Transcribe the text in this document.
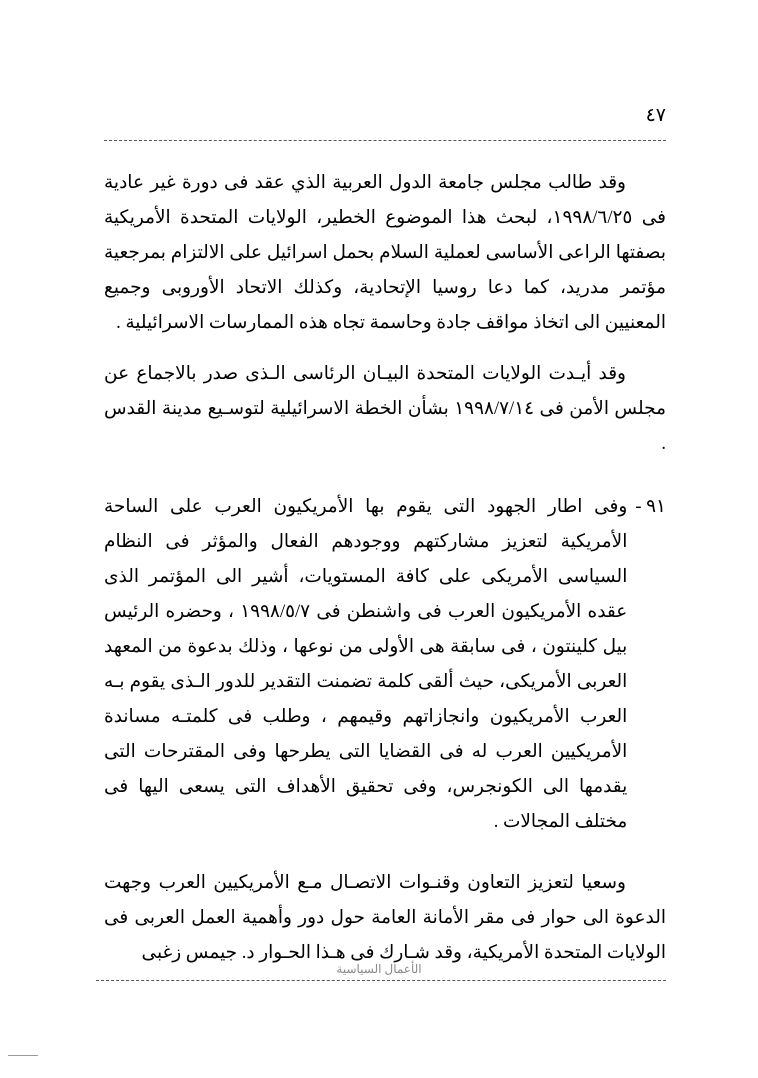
٤٧

وقد طالب مجلس جامعة الدول العربية الذي عقد فى دورة غير عادية فى ١٩٩٨/٦/٢٥، لبحث هذا الموضوع الخطير، الولايات المتحدة الأمريكية بصفتها الراعى الأساسى لعملية السلام بحمل اسرائيل على الالتزام بمرجعية مؤتمر مدريد، كما دعا روسيا الإتحادية، وكذلك الاتحاد الأوروبى وجميع المعنيين الى اتخاذ مواقف جادة وحاسمة تجاه هذه الممارسات الاسرائيلية .

وقد أيـدت الولايات المتحدة البيـان الرئاسى الـذى صدر بالاجماع عن مجلس الأمن فى ١٩٩٨/٧/١٤ بشأن الخطة الاسرائيلية لتوسـيع مدينة القدس .

٩١ -

وفى اطار الجهود التى يقوم بها الأمريكيون العرب على الساحة الأمريكية لتعزيز مشاركتهم ووجودهم الفعال والمؤثر فى النظام السياسى الأمريكى على كافة المستويات، أشير الى المؤتمر الذى عقده الأمريكيون العرب فى واشنطن فى ١٩٩٨/٥/٧ ، وحضره الرئيس بيل كلينتون ، فى سابقة هى الأولى من نوعها ، وذلك بدعوة من المعهد العربى الأمريكى، حيث ألقى كلمة تضمنت التقدير للدور الـذى يقوم بـه العرب الأمريكيون وانجازاتهم وقيمهم ، وطلب فى كلمتـه مساندة الأمريكيين العرب له فى القضايا التى يطرحها وفى المقترحات التى يقدمها الى الكونجرس، وفى تحقيق الأهداف التى يسعى اليها فى مختلف المجالات .

وسعيا لتعزيز التعاون وقنـوات الاتصـال مـع الأمريكيين العرب وجهت الدعوة الى حوار فى مقر الأمانة العامة حول دور وأهمية العمل العربى فى الولايات المتحدة الأمريكية، وقد شـارك فى هـذا الحـوار د. جيمس زغبى

الأعمال السياسية
